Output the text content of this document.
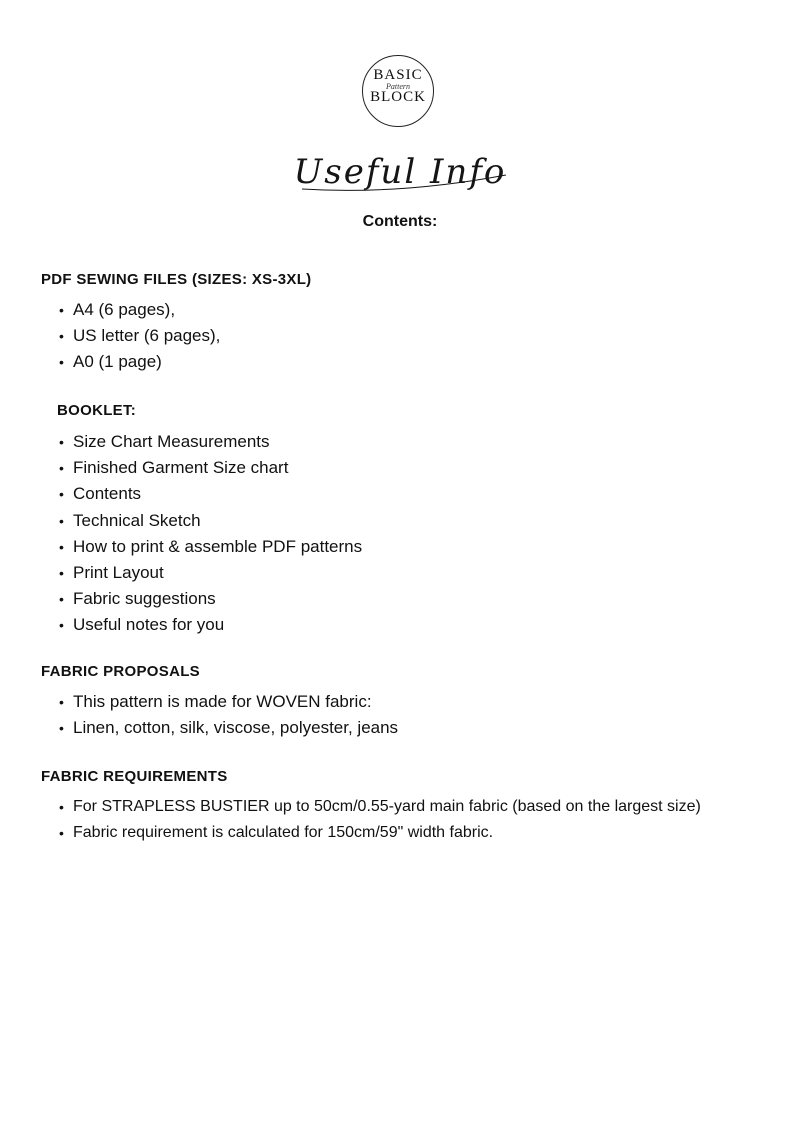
BASIC
Pattern
BLOCK
Useful Info
Contents:

PDF SEWING FILES (SIZES: XS-3XL)

• A4 (6 pages),
• US letter (6 pages),
• A0 (1 page)

BOOKLET:

• Size Chart Measurements
• Finished Garment Size chart
• Contents
• Technical Sketch
• How to print & assemble PDF patterns
• Print Layout
• Fabric suggestions
• Useful notes for you

FABRIC PROPOSALS

• This pattern is made for WOVEN fabric:
• Linen, cotton, silk, viscose, polyester, jeans

FABRIC REQUIREMENTS

• For STRAPLESS BUSTIER up to 50cm/0.55-yard main fabric (based on the largest size)
• Fabric requirement is calculated for 150cm/59" width fabric.
